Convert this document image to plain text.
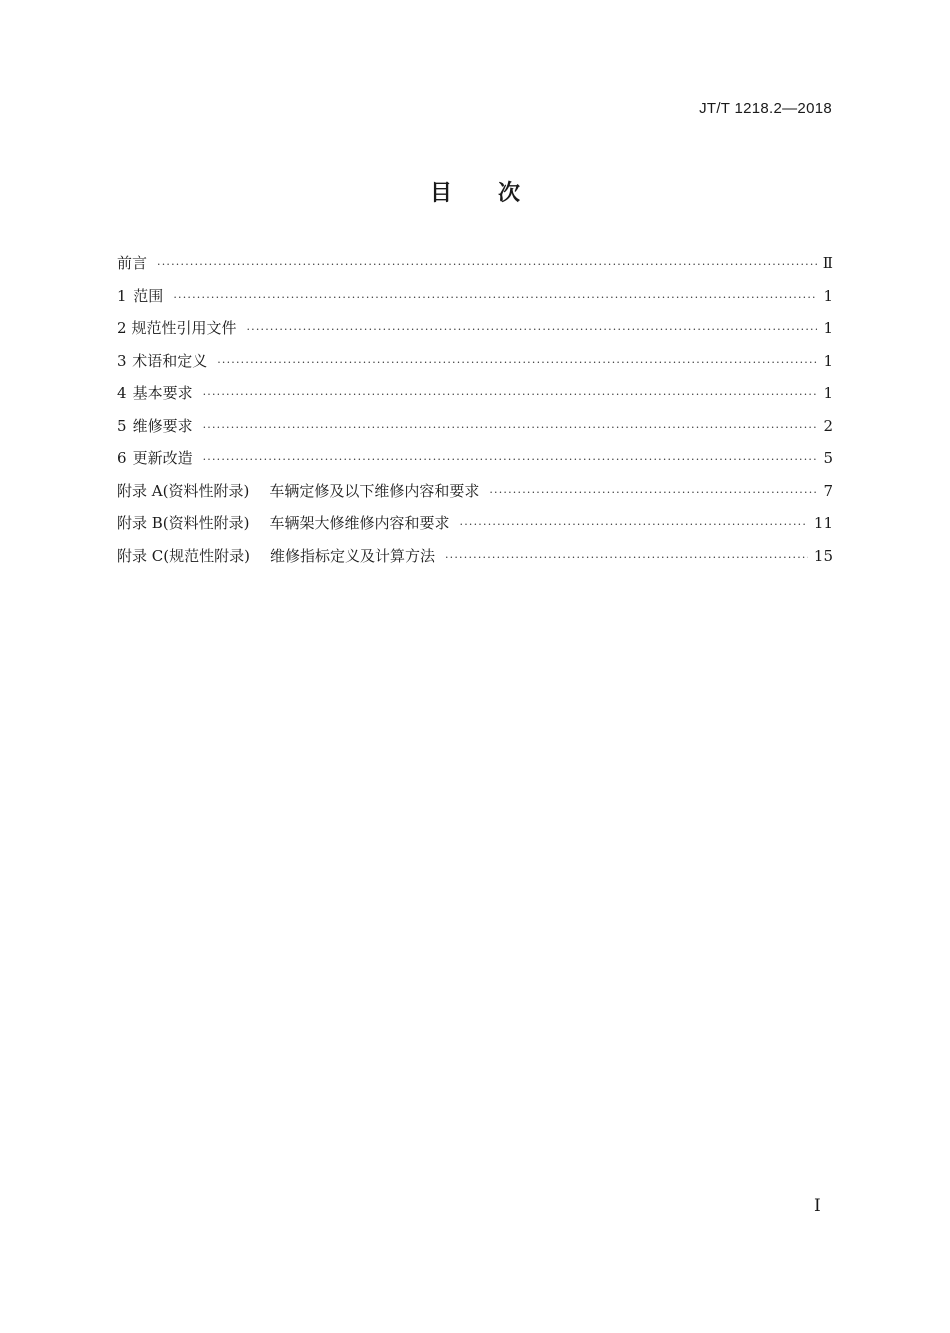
JT/T 1218.2—2018
目次
前言 ·····	Ⅱ
1 范围 ·····	1
2 规范性引用文件 ·····	1
3 术语和定义 ·····	1
4 基本要求 ·····	1
5 维修要求 ·····	2
6 更新改造 ·····	5
附录 A(资料性附录) 车辆定修及以下维修内容和要求 ·····	7
附录 B(资料性附录) 车辆架大修维修内容和要求 ·····	11
附录 C(规范性附录) 维修指标定义及计算方法 ·····	15
I
